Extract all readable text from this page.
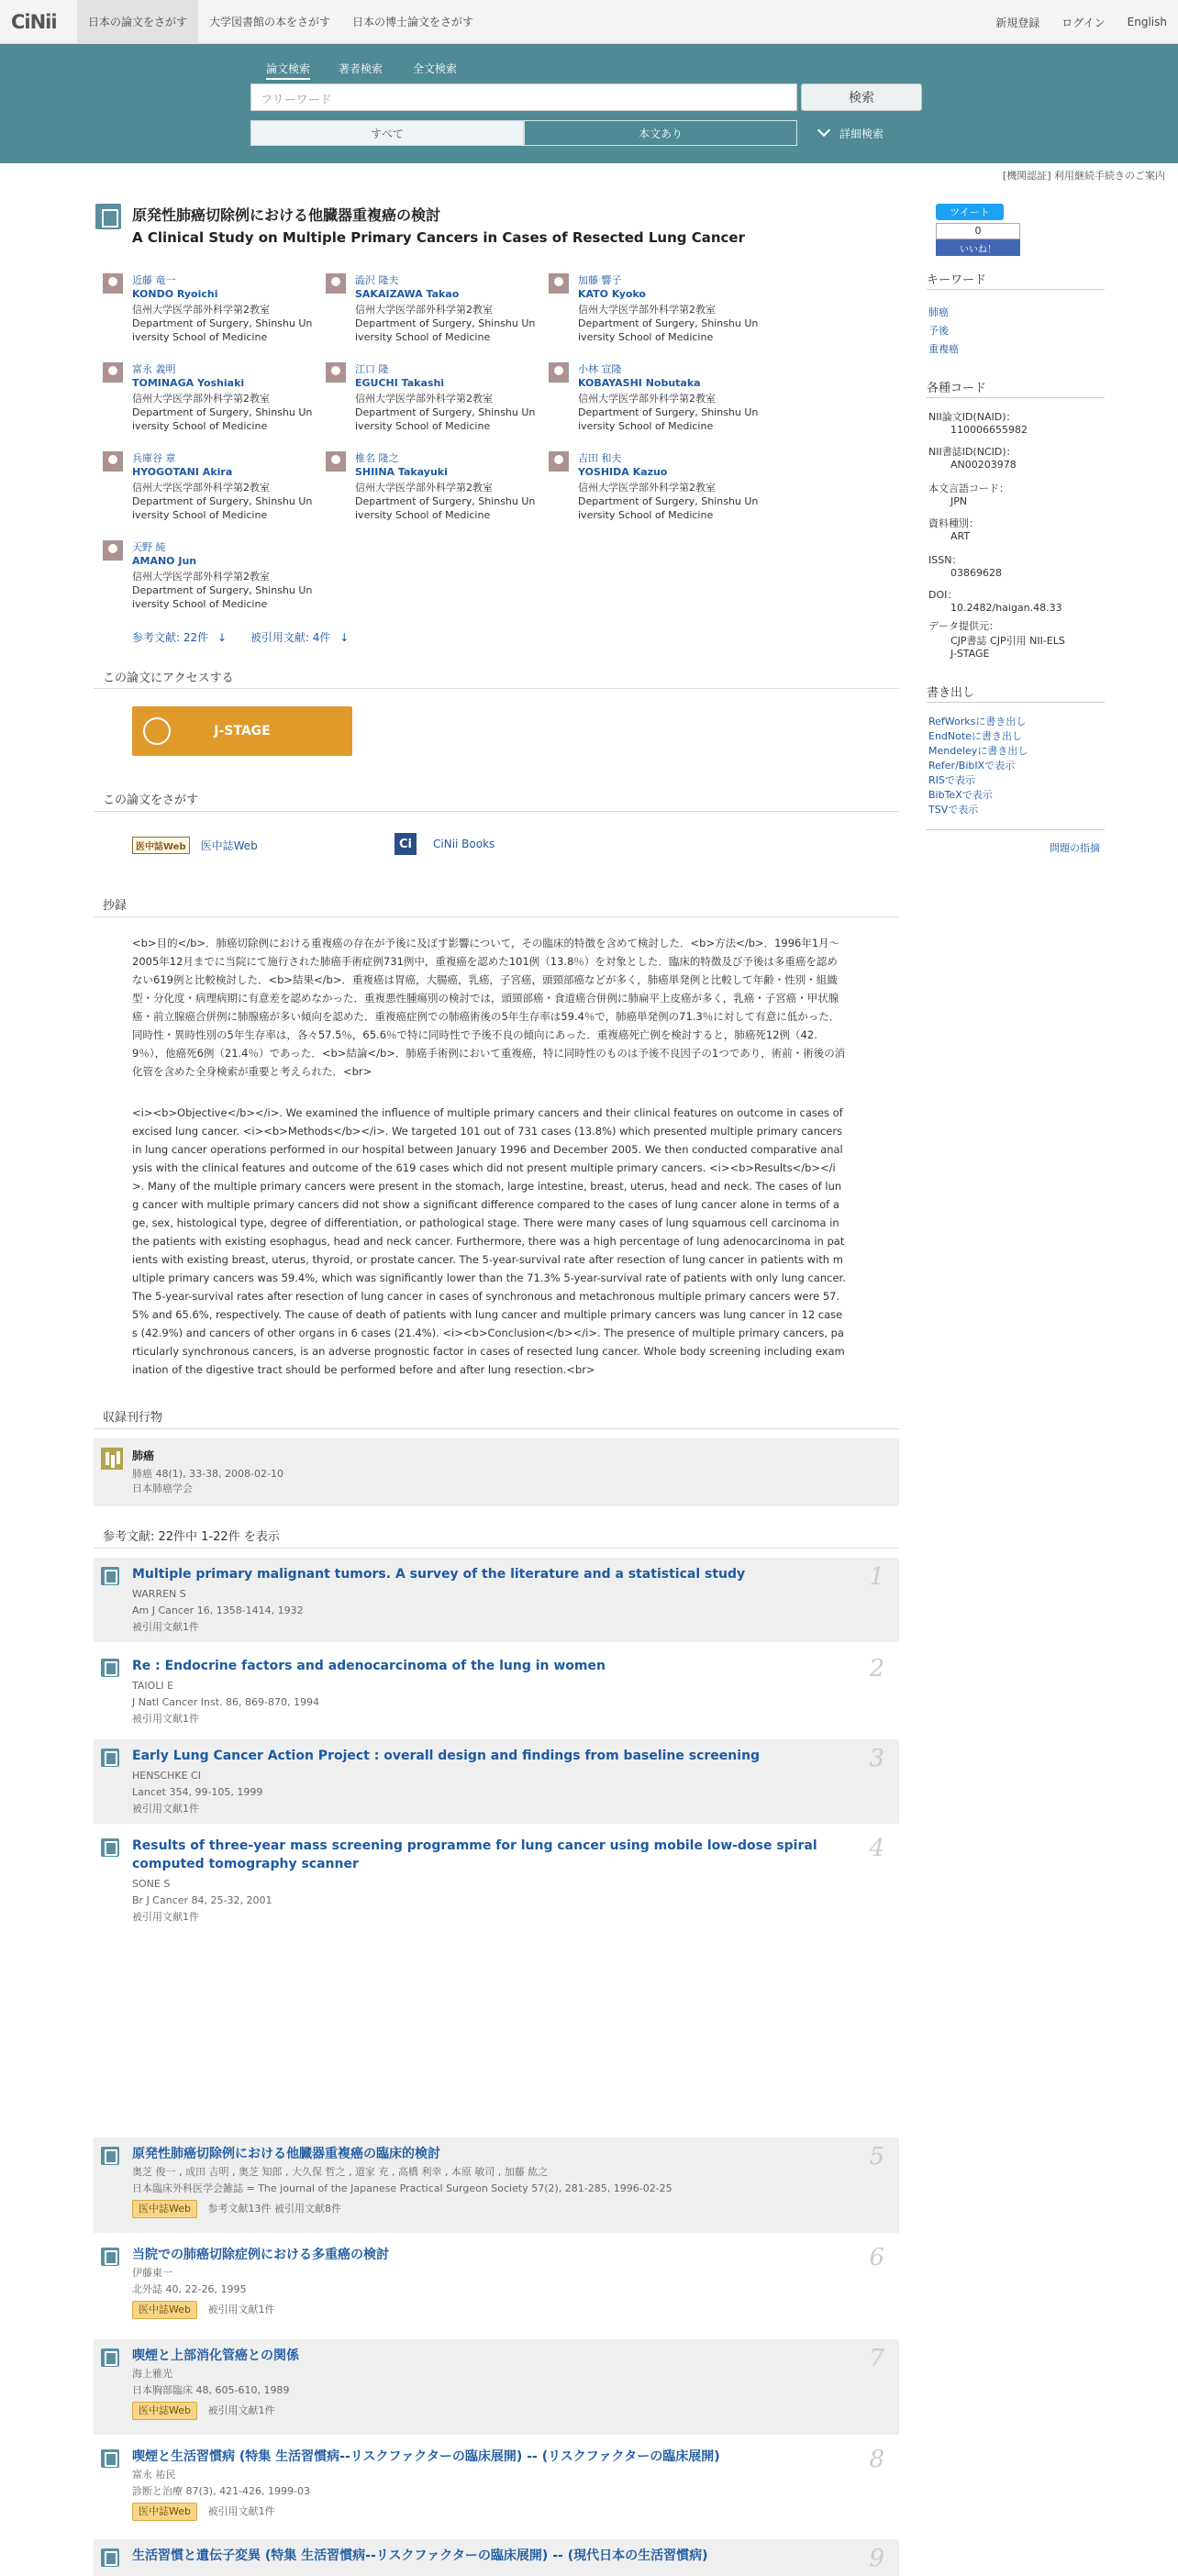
CiNii	日本の論文をさがす	大学図書館の本をさがす	日本の博士論文をさがす	新規登録	ログイン	English
論文検索	著者検索	全文検索
フリーワード	検索
すべて	本文あり	詳細検索
[機関認証] 利用継続手続きのご案内
原発性肺癌切除例における他臓器重複癌の検討
A Clinical Study on Multiple Primary Cancers in Cases of Resected Lung Cancer
近藤 竜一
KONDO Ryoichi
信州大学医学部外科学第2教室
Department of Surgery, Shinshu University School of Medicine
澁沢 隆夫
SAKAIZAWA Takao
信州大学医学部外科学第2教室
Department of Surgery, Shinshu University School of Medicine
加藤 響子
KATO Kyoko
信州大学医学部外科学第2教室
Department of Surgery, Shinshu University School of Medicine
富永 義明
TOMINAGA Yoshiaki
信州大学医学部外科学第2教室
Department of Surgery, Shinshu University School of Medicine
江口 隆
EGUCHI Takashi
信州大学医学部外科学第2教室
Department of Surgery, Shinshu University School of Medicine
小林 宣隆
KOBAYASHI Nobutaka
信州大学医学部外科学第2教室
Department of Surgery, Shinshu University School of Medicine
兵庫谷 章
HYOGOTANI Akira
信州大学医学部外科学第2教室
Department of Surgery, Shinshu University School of Medicine
椎名 隆之
SHIINA Takayuki
信州大学医学部外科学第2教室
Department of Surgery, Shinshu University School of Medicine
吉田 和夫
YOSHIDA Kazuo
信州大学医学部外科学第2教室
Department of Surgery, Shinshu University School of Medicine
天野 純
AMANO Jun
信州大学医学部外科学第2教室
Department of Surgery, Shinshu University School of Medicine
参考文献: 22件 ↓ 被引用文献: 4件 ↓
この論文にアクセスする
J-STAGE
この論文をさがす
医中誌Web	医中誌Web	Ci	CiNii Books
抄録
<b>目的</b>．肺癌切除例における重複癌の存在が予後に及ぼす影響について，その臨床的特徴を含めて検討した．<b>方法</b>．1996年1月～2005年12月までに当院にて施行された肺癌手術症例731例中，重複癌を認めた101例（13.8％）を対象とした．臨床的特徴及び予後は多重癌を認めない619例と比較検討した．<b>結果</b>．重複癌は胃癌，大腸癌，乳癌，子宮癌，頭頸部癌などが多く，肺癌単発例と比較して年齢・性別・組織型・分化度・病理病期に有意差を認めなかった．重複悪性腫瘍別の検討では，頭頸部癌・食道癌合併例に肺扁平上皮癌が多く，乳癌・子宮癌・甲状腺癌・前立腺癌合併例に肺腺癌が多い傾向を認めた．重複癌症例での肺癌術後の5年生存率は59.4％で，肺癌単発例の71.3％に対して有意に低かった．同時性・異時性別の5年生存率は，各々57.5％，65.6％で特に同時性で予後不良の傾向にあった．重複癌死亡例を検討すると，肺癌死12例（42.9％），他癌死6例（21.4％）であった．<b>結論</b>．肺癌手術例において重複癌，特に同時性のものは予後不良因子の1つであり，術前・術後の消化管を含めた全身検索が重要と考えられた．<br>
<i><b>Objective</b></i>. We examined the influence of multiple primary cancers and their clinical features on outcome in cases of excised lung cancer. <i><b>Methods</b></i>. We targeted 101 out of 731 cases (13.8%) which presented multiple primary cancers in lung cancer operations performed in our hospital between January 1996 and December 2005. We then conducted comparative analysis with the clinical features and outcome of the 619 cases which did not present multiple primary cancers. <i><b>Results</b></i>. Many of the multiple primary cancers were present in the stomach, large intestine, breast, uterus, head and neck. The cases of lung cancer with multiple primary cancers did not show a significant difference compared to the cases of lung cancer alone in terms of age, sex, histological type, degree of differentiation, or pathological stage. There were many cases of lung squamous cell carcinoma in the patients with existing esophagus, head and neck cancer. Furthermore, there was a high percentage of lung adenocarcinoma in patients with existing breast, uterus, thyroid, or prostate cancer. The 5-year-survival rate after resection of lung cancer in patients with multiple primary cancers was 59.4%, which was significantly lower than the 71.3% 5-year-survival rate of patients with only lung cancer. The 5-year-survival rates after resection of lung cancer in cases of synchronous and metachronous multiple primary cancers were 57.5% and 65.6%, respectively. The cause of death of patients with lung cancer and multiple primary cancers was lung cancer in 12 cases (42.9%) and cancers of other organs in 6 cases (21.4%). <i><b>Conclusion</b></i>. The presence of multiple primary cancers, particularly synchronous cancers, is an adverse prognostic factor in cases of resected lung cancer. Whole body screening including examination of the digestive tract should be performed before and after lung resection.<br>
収録刊行物
肺癌
肺癌 48(1), 33-38, 2008-02-10
日本肺癌学会
参考文献: 22件中 1-22件 を表示
Multiple primary malignant tumors. A survey of the literature and a statistical study	1
WARREN S
Am J Cancer 16, 1358-1414, 1932
被引用文献1件
Re : Endocrine factors and adenocarcinoma of the lung in women	2
TAIOLI E
J Natl Cancer Inst. 86, 869-870, 1994
被引用文献1件
Early Lung Cancer Action Project : overall design and findings from baseline screening	3
HENSCHKE CI
Lancet 354, 99-105, 1999
被引用文献1件
Results of three-year mass screening programme for lung cancer using mobile low-dose spiral computed tomography scanner
4
SONE S
Br J Cancer 84, 25-32, 2001
被引用文献1件
原発性肺癌切除例における他臓器重複癌の臨床的検討	5
奥芝 俊一 , 成田 吉明 , 奥芝 知郎 , 大久保 哲之 , 道家 充 , 高橋 利幸 , 本原 敏司 , 加藤 紘之
日本臨床外科医学会雑誌 = The journal of the Japanese Practical Surgeon Society 57(2), 281-285, 1996-02-25
医中誌Web 参考文献13件 被引用文献8件
当院での肺癌切除症例における多重癌の検討	6
伊藤東一
北外誌 40, 22-26, 1995
医中誌Web 被引用文献1件
喫煙と上部消化管癌との関係	7
海上雅光
日本胸部臨床 48, 605-610, 1989
医中誌Web 被引用文献1件
喫煙と生活習慣病 (特集 生活習慣病--リスクファクターの臨床展開) -- (リスクファクターの臨床展開)	8
富永 祐民
診断と治療 87(3), 421-426, 1999-03
医中誌Web 被引用文献1件
生活習慣と遺伝子変異 (特集 生活習慣病--リスクファクターの臨床展開) -- (現代日本の生活習慣病)	9
ツイート
0
いいね！
キーワード
肺癌
予後
重複癌
各種コード
NII論文ID(NAID)：
110006655982
NII書誌ID(NCID)：
AN00203978
本文言語コード：
JPN
資料種別：
ART
ISSN：
03869628
DOI：
10.2482/haigan.48.33
データ提供元：
CJP書誌 CJP引用 NII-ELS
J-STAGE
書き出し
RefWorksに書き出し
EndNoteに書き出し
Mendeleyに書き出し
Refer/BibIXで表示
RISで表示
BibTeXで表示
TSVで表示
問題の指摘
